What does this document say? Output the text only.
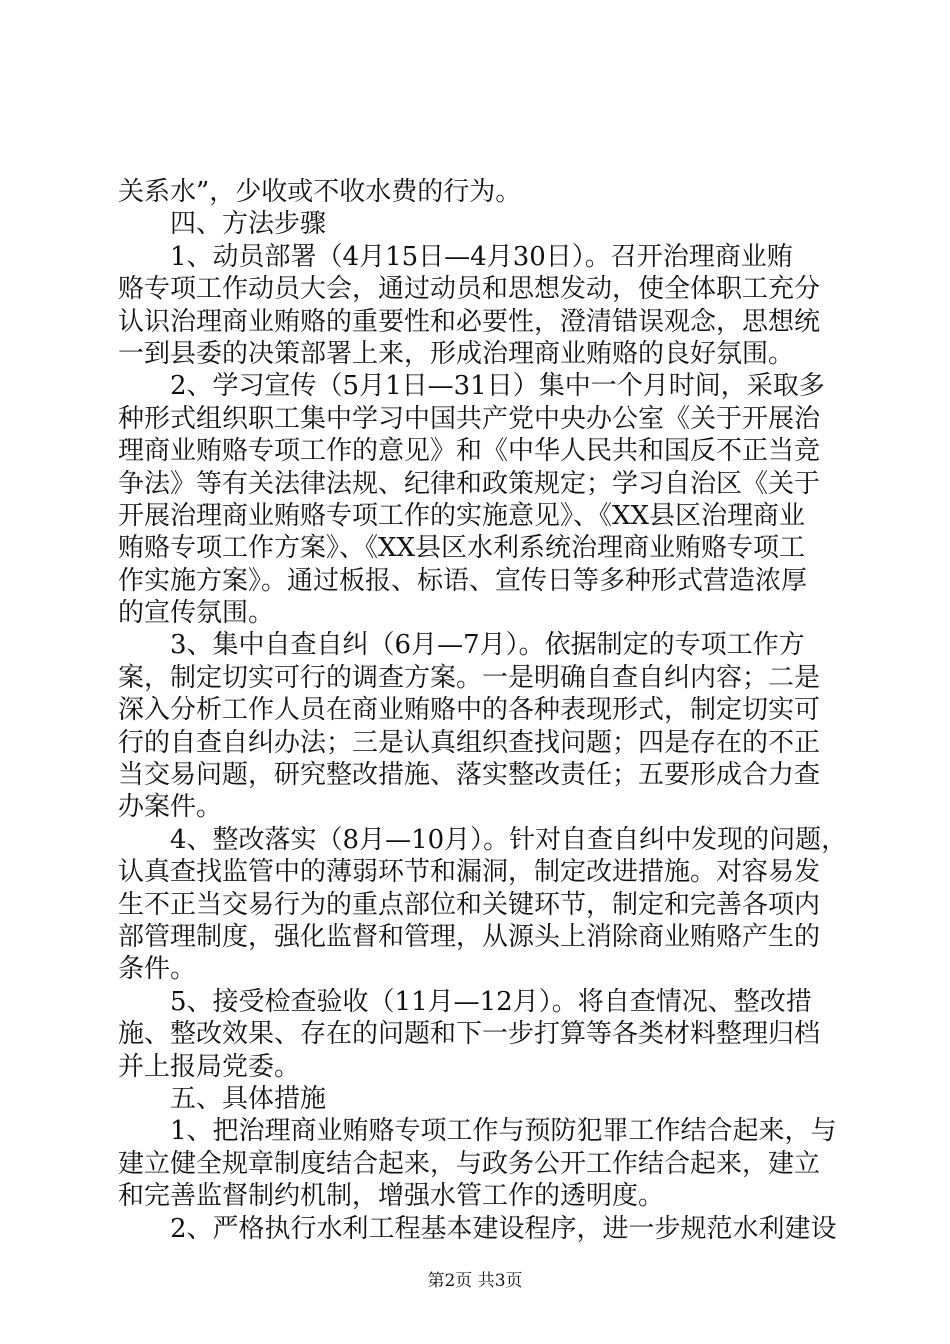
关系水”，少收或不收水费的行为。
四、方法步骤
1、动员部署（4月15日—4月30日）。召开治理商业贿
赂专项工作动员大会，通过动员和思想发动，使全体职工充分
认识治理商业贿赂的重要性和必要性，澄清错误观念，思想统
一到县委的决策部署上来，形成治理商业贿赂的良好氛围。
2、学习宣传（5月1日—31日）集中一个月时间，采取多
种形式组织职工集中学习中国共产党中央办公室《关于开展治
理商业贿赂专项工作的意见》和《中华人民共和国反不正当竞
争法》等有关法律法规、纪律和政策规定；学习自治区《关于
开展治理商业贿赂专项工作的实施意见》、《XX县区治理商业
贿赂专项工作方案》、《XX县区水利系统治理商业贿赂专项工
作实施方案》。通过板报、标语、宣传日等多种形式营造浓厚
的宣传氛围。
3、集中自查自纠（6月—7月）。依据制定的专项工作方
案，制定切实可行的调查方案。一是明确自查自纠内容；二是
深入分析工作人员在商业贿赂中的各种表现形式，制定切实可
行的自查自纠办法；三是认真组织查找问题；四是存在的不正
当交易问题，研究整改措施、落实整改责任；五要形成合力查
办案件。
4、整改落实（8月—10月）。针对自查自纠中发现的问题，
认真查找监管中的薄弱环节和漏洞，制定改进措施。对容易发
生不正当交易行为的重点部位和关键环节，制定和完善各项内
部管理制度，强化监督和管理，从源头上消除商业贿赂产生的
条件。
5、接受检查验收（11月—12月）。将自查情况、整改措
施、整改效果、存在的问题和下一步打算等各类材料整理归档
并上报局党委。
五、具体措施
1、把治理商业贿赂专项工作与预防犯罪工作结合起来，与
建立健全规章制度结合起来，与政务公开工作结合起来，建立
和完善监督制约机制，增强水管工作的透明度。
2、严格执行水利工程基本建设程序，进一步规范水利建设
第2页 共3页
